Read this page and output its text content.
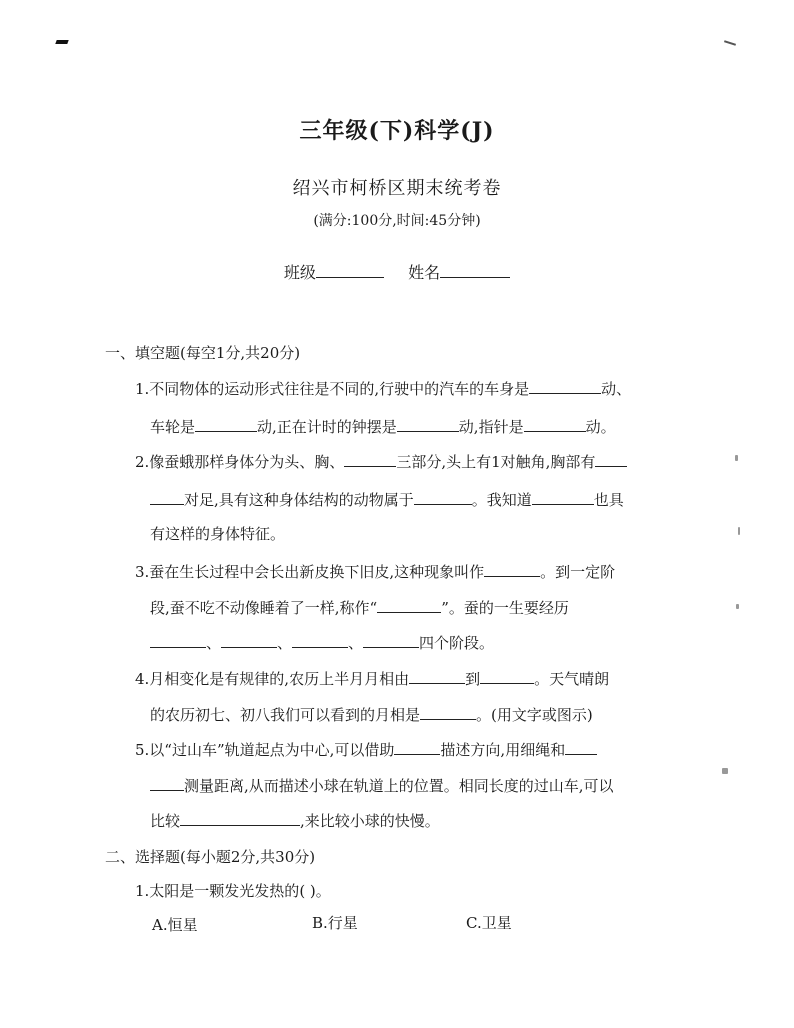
三年级(下)科学(J)
绍兴市柯桥区期末统考卷
(满分:100分,时间:45分钟)
班级	姓名
一、填空题(每空1分,共20分)
1.不同物体的运动形式往往是不同的,行驶中的汽车的车身是	动、
车轮是	动,正在计时的钟摆是	动,指针是	动。
2.像蚕蛾那样身体分为头、胸、	三部分,头上有1对触角,胸部有
对足,具有这种身体结构的动物属于	。我知道	也具
有这样的身体特征。
3.蚕在生长过程中会长出新皮换下旧皮,这种现象叫作	。到一定阶
段,蚕不吃不动像睡着了一样,称作“	”。蚕的一生要经历
、	、	、	四个阶段。
4.月相变化是有规律的,农历上半月月相由	到	。天气晴朗
的农历初七、初八我们可以看到的月相是	。(用文字或图示)
5.以“过山车”轨道起点为中心,可以借助	描述方向,用细绳和
测量距离,从而描述小球在轨道上的位置。相同长度的过山车,可以
比较	,来比较小球的快慢。
二、选择题(每小题2分,共30分)
1.太阳是一颗发光发热的( )。
A.恒星	B.行星	C.卫星
